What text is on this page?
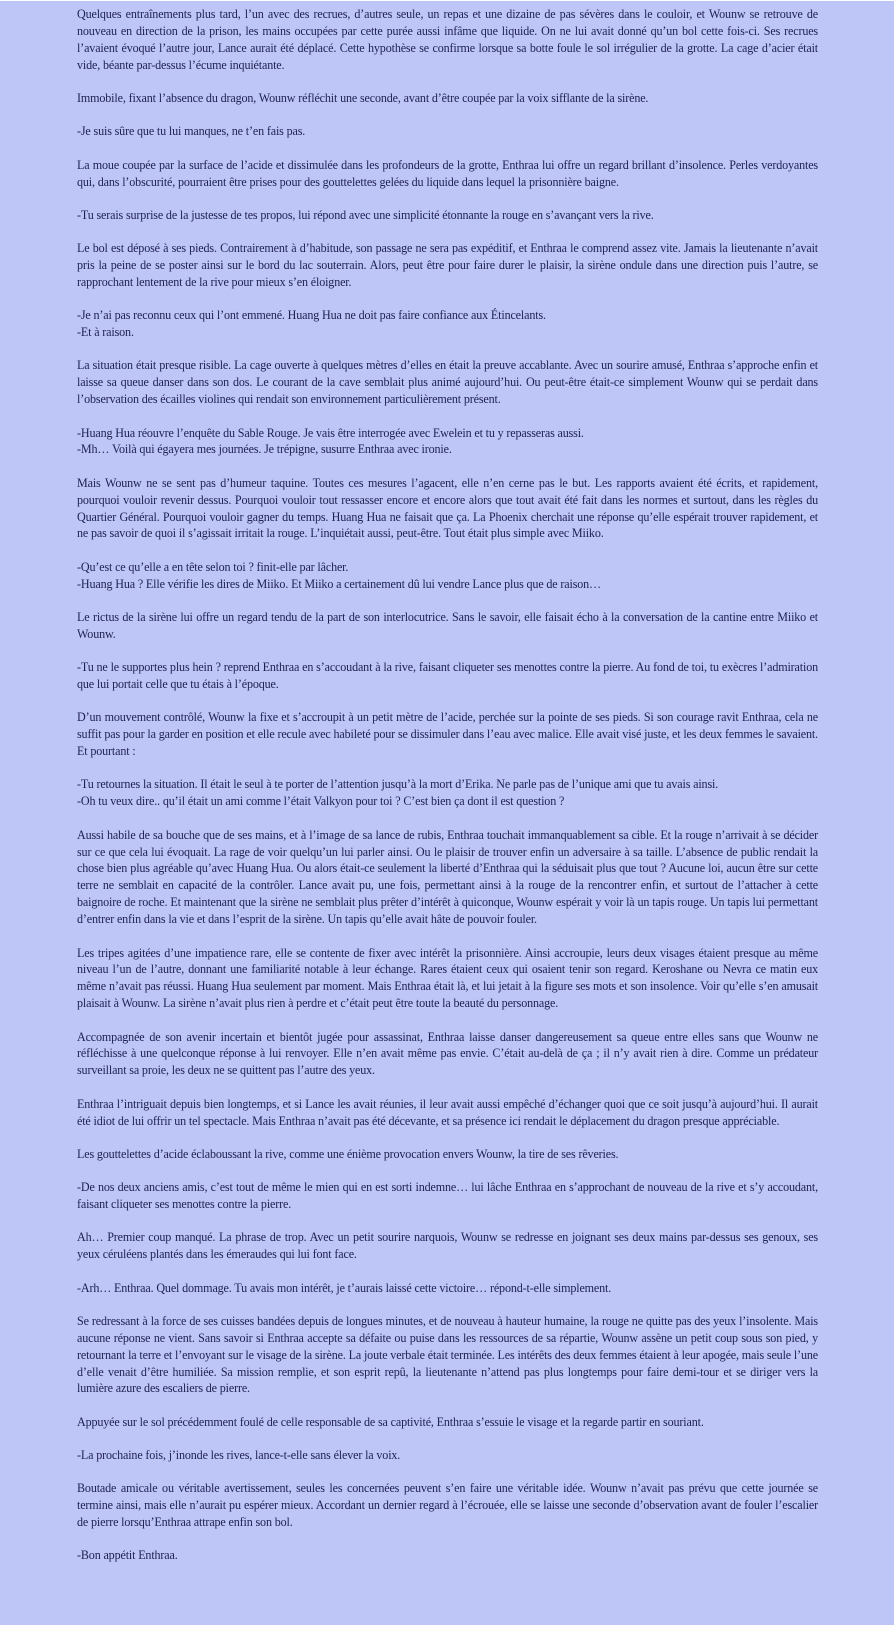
Quelques entraînements plus tard, l’un avec des recrues, d’autres seule, un repas et une dizaine de pas sévères dans le couloir, et Wounw se retrouve de nouveau en direction de la prison, les mains occupées par cette purée aussi infâme que liquide. On ne lui avait donné qu’un bol cette fois-ci. Ses recrues l’avaient évoqué l’autre jour, Lance aurait été déplacé. Cette hypothèse se confirme lorsque sa botte foule le sol irrégulier de la grotte. La cage d’acier était vide, béante par-dessus l’écume inquiétante.

Immobile, fixant l’absence du dragon, Wounw réfléchit une seconde, avant d’être coupée par la voix sifflante de la sirène.

-Je suis sûre que tu lui manques, ne t’en fais pas.

La moue coupée par la surface de l’acide et dissimulée dans les profondeurs de la grotte, Enthraa lui offre un regard brillant d’insolence. Perles verdoyantes qui, dans l’obscurité, pourraient être prises pour des gouttelettes gelées du liquide dans lequel la prisonnière baigne.

-Tu serais surprise de la justesse de tes propos, lui répond avec une simplicité étonnante la rouge en s’avançant vers la rive.

Le bol est déposé à ses pieds. Contrairement à d’habitude, son passage ne sera pas expéditif, et Enthraa le comprend assez vite. Jamais la lieutenante n’avait pris la peine de se poster ainsi sur le bord du lac souterrain. Alors, peut être pour faire durer le plaisir, la sirène ondule dans une direction puis l’autre, se rapprochant lentement de la rive pour mieux s’en éloigner.

-Je n’ai pas reconnu ceux qui l’ont emmené. Huang Hua ne doit pas faire confiance aux Étincelants.
-Et à raison.

La situation était presque risible. La cage ouverte à quelques mètres d’elles en était la preuve accablante. Avec un sourire amusé, Enthraa s’approche enfin et laisse sa queue danser dans son dos. Le courant de la cave semblait plus animé aujourd’hui. Ou peut-être était-ce simplement Wounw qui se perdait dans l’observation des écailles violines qui rendait son environnement particulièrement présent.

-Huang Hua réouvre l’enquête du Sable Rouge. Je vais être interrogée avec Ewelein et tu y repasseras aussi.
-Mh… Voilà qui égayera mes journées. Je trépigne, susurre Enthraa avec ironie.

Mais Wounw ne se sent pas d’humeur taquine. Toutes ces mesures l’agacent, elle n’en cerne pas le but. Les rapports avaient été écrits, et rapidement, pourquoi vouloir revenir dessus. Pourquoi vouloir tout ressasser encore et encore alors que tout avait été fait dans les normes et surtout, dans les règles du Quartier Général. Pourquoi vouloir gagner du temps. Huang Hua ne faisait que ça. La Phoenix cherchait une réponse qu’elle espérait trouver rapidement, et ne pas savoir de quoi il s’agissait irritait la rouge. L’inquiétait aussi, peut-être. Tout était plus simple avec Miiko.

-Qu’est ce qu’elle a en tête selon toi ? finit-elle par lâcher.
-Huang Hua ? Elle vérifie les dires de Miiko. Et Miiko a certainement dû lui vendre Lance plus que de raison…

Le rictus de la sirène lui offre un regard tendu de la part de son interlocutrice. Sans le savoir, elle faisait écho à la conversation de la cantine entre Miiko et Wounw.

-Tu ne le supportes plus hein ? reprend Enthraa en s’accoudant à la rive, faisant cliqueter ses menottes contre la pierre. Au fond de toi, tu exècres l’admiration que lui portait celle que tu étais à l’époque.

D’un mouvement contrôlé, Wounw la fixe et s’accroupit à un petit mètre de l’acide, perchée sur la pointe de ses pieds. Si son courage ravit Enthraa, cela ne suffit pas pour la garder en position et elle recule avec habileté pour se dissimuler dans l’eau avec malice. Elle avait visé juste, et les deux femmes le savaient. Et pourtant :

-Tu retournes la situation. Il était le seul à te porter de l’attention jusqu’à la mort d’Erika. Ne parle pas de l’unique ami que tu avais ainsi.
-Oh tu veux dire.. qu’il était un ami comme l’était Valkyon pour toi ? C’est bien ça dont il est question ?

Aussi habile de sa bouche que de ses mains, et à l’image de sa lance de rubis, Enthraa touchait immanquablement sa cible. Et la rouge n’arrivait à se décider sur ce que cela lui évoquait. La rage de voir quelqu’un lui parler ainsi. Ou le plaisir de trouver enfin un adversaire à sa taille. L’absence de public rendait la chose bien plus agréable qu’avec Huang Hua. Ou alors était-ce seulement la liberté d’Enthraa qui la séduisait plus que tout ? Aucune loi, aucun être sur cette terre ne semblait en capacité de la contrôler. Lance avait pu, une fois, permettant ainsi à la rouge de la rencontrer enfin, et surtout de l’attacher à cette baignoire de roche. Et maintenant que la sirène ne semblait plus prêter d’intérêt à quiconque, Wounw espérait y voir là un tapis rouge. Un tapis lui permettant d’entrer enfin dans la vie et dans l’esprit de la sirène. Un tapis qu’elle avait hâte de pouvoir fouler.

Les tripes agitées d’une impatience rare, elle se contente de fixer avec intérêt la prisonnière. Ainsi accroupie, leurs deux visages étaient presque au même niveau l’un de l’autre, donnant une familiarité notable à leur échange. Rares étaient ceux qui osaient tenir son regard. Keroshane ou Nevra ce matin eux même n’avait pas réussi. Huang Hua seulement par moment. Mais Enthraa était là, et lui jetait à la figure ses mots et son insolence. Voir qu’elle s’en amusait plaisait à Wounw. La sirène n’avait plus rien à perdre et c’était peut être toute la beauté du personnage.

Accompagnée de son avenir incertain et bientôt jugée pour assassinat, Enthraa laisse danser dangereusement sa queue entre elles sans que Wounw ne réfléchisse à une quelconque réponse à lui renvoyer. Elle n’en avait même pas envie. C’était au-delà de ça ; il n’y avait rien à dire. Comme un prédateur surveillant sa proie, les deux ne se quittent pas l’autre des yeux.

Enthraa l’intriguait depuis bien longtemps, et si Lance les avait réunies, il leur avait aussi empêché d’échanger quoi que ce soit jusqu’à aujourd’hui. Il aurait été idiot de lui offrir un tel spectacle. Mais Enthraa n’avait pas été décevante, et sa présence ici rendait le déplacement du dragon presque appréciable.

Les gouttelettes d’acide éclaboussant la rive, comme une énième provocation envers Wounw, la tire de ses rêveries.

-De nos deux anciens amis, c’est tout de même le mien qui en est sorti indemne… lui lâche Enthraa en s’approchant de nouveau de la rive et s’y accoudant, faisant cliqueter ses menottes contre la pierre.

Ah… Premier coup manqué. La phrase de trop. Avec un petit sourire narquois, Wounw se redresse en joignant ses deux mains par-dessus ses genoux, ses yeux céruléens plantés dans les émeraudes qui lui font face.

-Arh… Enthraa. Quel dommage. Tu avais mon intérêt, je t’aurais laissé cette victoire… répond-t-elle simplement.

Se redressant à la force de ses cuisses bandées depuis de longues minutes, et de nouveau à hauteur humaine, la rouge ne quitte pas des yeux l’insolente. Mais aucune réponse ne vient. Sans savoir si Enthraa accepte sa défaite ou puise dans les ressources de sa répartie, Wounw assène un petit coup sous son pied, y retournant la terre et l’envoyant sur le visage de la sirène. La joute verbale était terminée. Les intérêts des deux femmes étaient à leur apogée, mais seule l’une d’elle venait d’être humiliée. Sa mission remplie, et son esprit repû, la lieutenante n’attend pas plus longtemps pour faire demi-tour et se diriger vers la lumière azure des escaliers de pierre.

Appuyée sur le sol précédemment foulé de celle responsable de sa captivité, Enthraa s’essuie le visage et la regarde partir en souriant.

-La prochaine fois, j’inonde les rives, lance-t-elle sans élever la voix.

Boutade amicale ou véritable avertissement, seules les concernées peuvent s’en faire une véritable idée. Wounw n’avait pas prévu que cette journée se termine ainsi, mais elle n’aurait pu espérer mieux. Accordant un dernier regard à l’écrouée, elle se laisse une seconde d’observation avant de fouler l’escalier de pierre lorsqu’Enthraa attrape enfin son bol.

-Bon appétit Enthraa.
